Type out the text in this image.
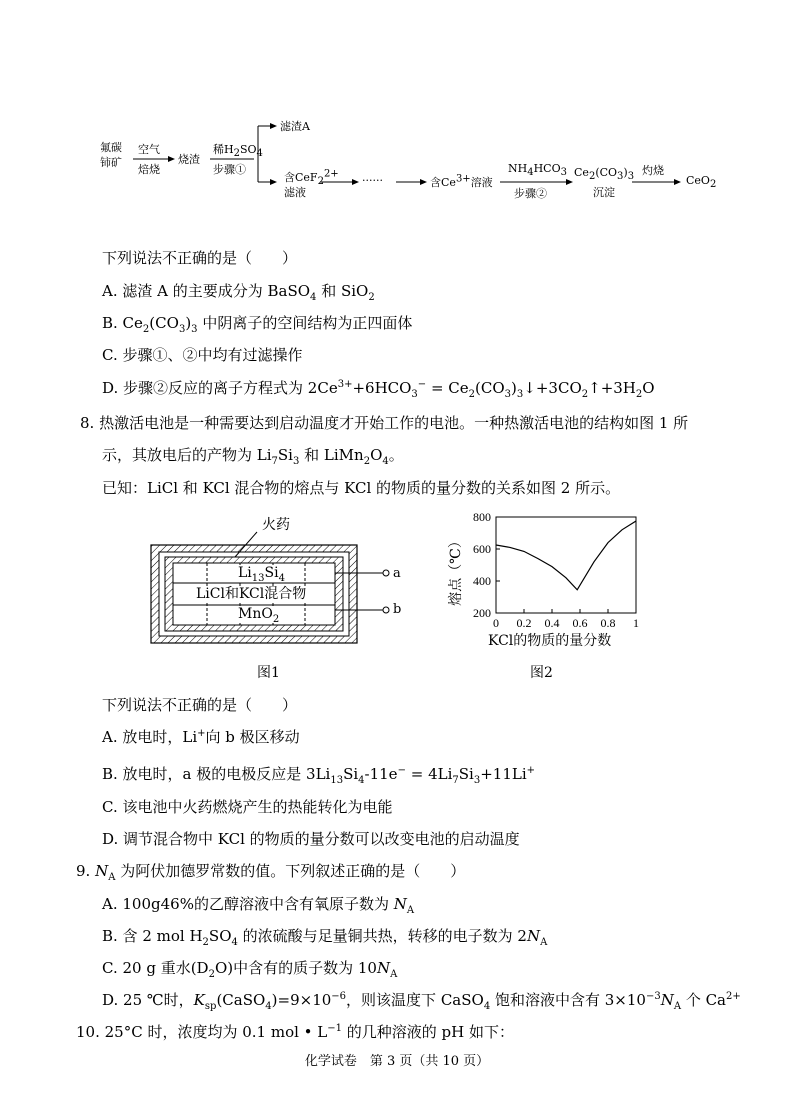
氟碳
铈矿
空气
焙烧
烧渣
稀$H_2SO_4$
步骤①
滤渣A
含CeF$_2^{2+}$
滤液
······	含$Ce^{3+}$溶液
$NH_4HCO_3$
步骤②
$Ce_2(CO_3)_3$
沉淀
灼烧
CeO$_2$
下列说法不正确的是（　　）
A. 滤渣 A 的主要成分为 BaSO$_4$ 和 SiO$_2$
B. $Ce_2(CO_3)_3$ 中阴离子的空间结构为正四面体
C. 步骤①、②中均有过滤操作
D. 步骤②反应的离子方程式为 $2Ce^{3+}+6HCO_3^-$ = $Ce_2(CO_3)_3↓+3CO_2↑+3H_2O$
8. 热激活电池是一种需要达到启动温度才开始工作的电池。一种热激活电池的结构如图 1 所
示，其放电后的产物为 $Li_7Si_3$ 和 $LiMn_2O_4$。
已知：LiCl 和 KCl 混合物的熔点与 KCl 的物质的量分数的关系如图 2 所示。
火药
$Li_{13}Si_4$
LiCl和KCl混合物
MnO$_2$
a
b
图1
200
400
600
800
0 0.2 0.4 0.6 0.8 1
熔点（℃）
KCl的物质的量分数
图2
下列说法不正确的是（　　）
A. 放电时，Li+向 b 极区移动
B. 放电时，a 极的电极反应是 $3Li_{13}Si_4-11e^- = 4Li_7Si_3+11Li^+$
C. 该电池中火药燃烧产生的热能转化为电能
D. 调节混合物中 KCl 的物质的量分数可以改变电池的启动温度
9. $N_A$ 为阿伏加德罗常数的值。下列叙述正确的是（　　）
A. 100g46%的乙醇溶液中含有氧原子数为 $N_A$
B. 含 2 mol $H_2SO_4$ 的浓硫酸与足量铜共热，转移的电子数为 $2N_A$
C. 20 g 重水$(D_2O)$中含有的质子数为 $10N_A$
D. 25 ℃时，$K_{sp}(CaSO_4)=9\times 10^{-6}$，则该温度下 CaSO$_4$ 饱和溶液中含有 $3\times 10^{-3}N_A$ 个 $Ca^{2+}$
10. 25°C 时，浓度均为 0.1 mol • $L^{-1}$ 的几种溶液的 pH 如下：
化学试卷　第 3 页（共 10 页）
